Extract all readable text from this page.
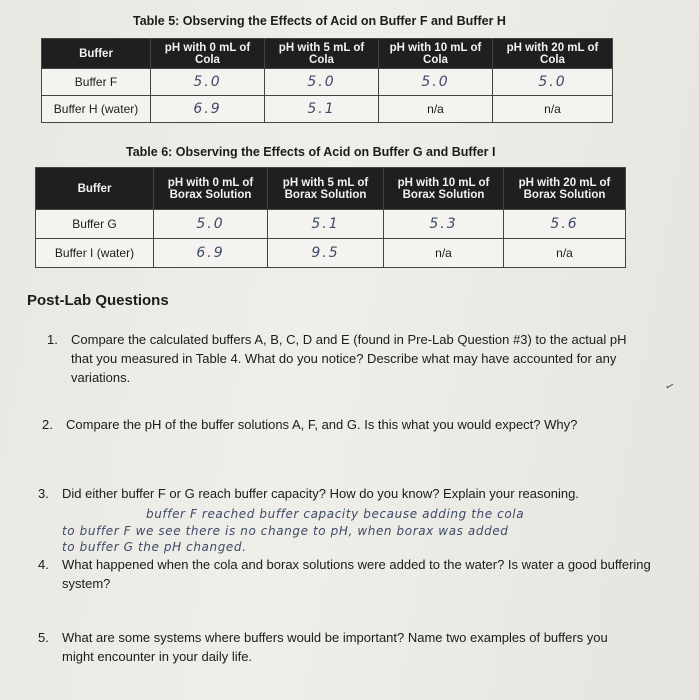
Table 5: Observing the Effects of Acid on Buffer F and Buffer H
Buffer	pH with 0 mL of Cola	pH with 5 mL of Cola	pH with 10 mL of Cola	pH with 20 mL of Cola
Buffer F	5.0	5.0	5.0	5.0
Buffer H (water)	6.9	5.1	n/a	n/a
Table 6: Observing the Effects of Acid on Buffer G and Buffer I
Buffer	pH with 0 mL of Borax Solution	pH with 5 mL of Borax Solution	pH with 10 mL of Borax Solution	pH with 20 mL of Borax Solution
Buffer G	5.0	5.1	5.3	5.6
Buffer I (water)	6.9	9.5	n/a	n/a
Post-Lab Questions
1. Compare the calculated buffers A, B, C, D and E (found in Pre-Lab Question #3) to the actual pH that you measured in Table 4. What do you notice? Describe what may have accounted for any variations.
✓
2. Compare the pH of the buffer solutions A, F, and G. Is this what you would expect? Why?
3. Did either buffer F or G reach buffer capacity? How do you know? Explain your reasoning.
buffer F reached buffer capacity because adding the cola
to buffer F we see there is no change to pH, when borax was added
to buffer G the pH changed.
4. What happened when the cola and borax solutions were added to the water? Is water a good buffering system?
5. What are some systems where buffers would be important? Name two examples of buffers you might encounter in your daily life.
